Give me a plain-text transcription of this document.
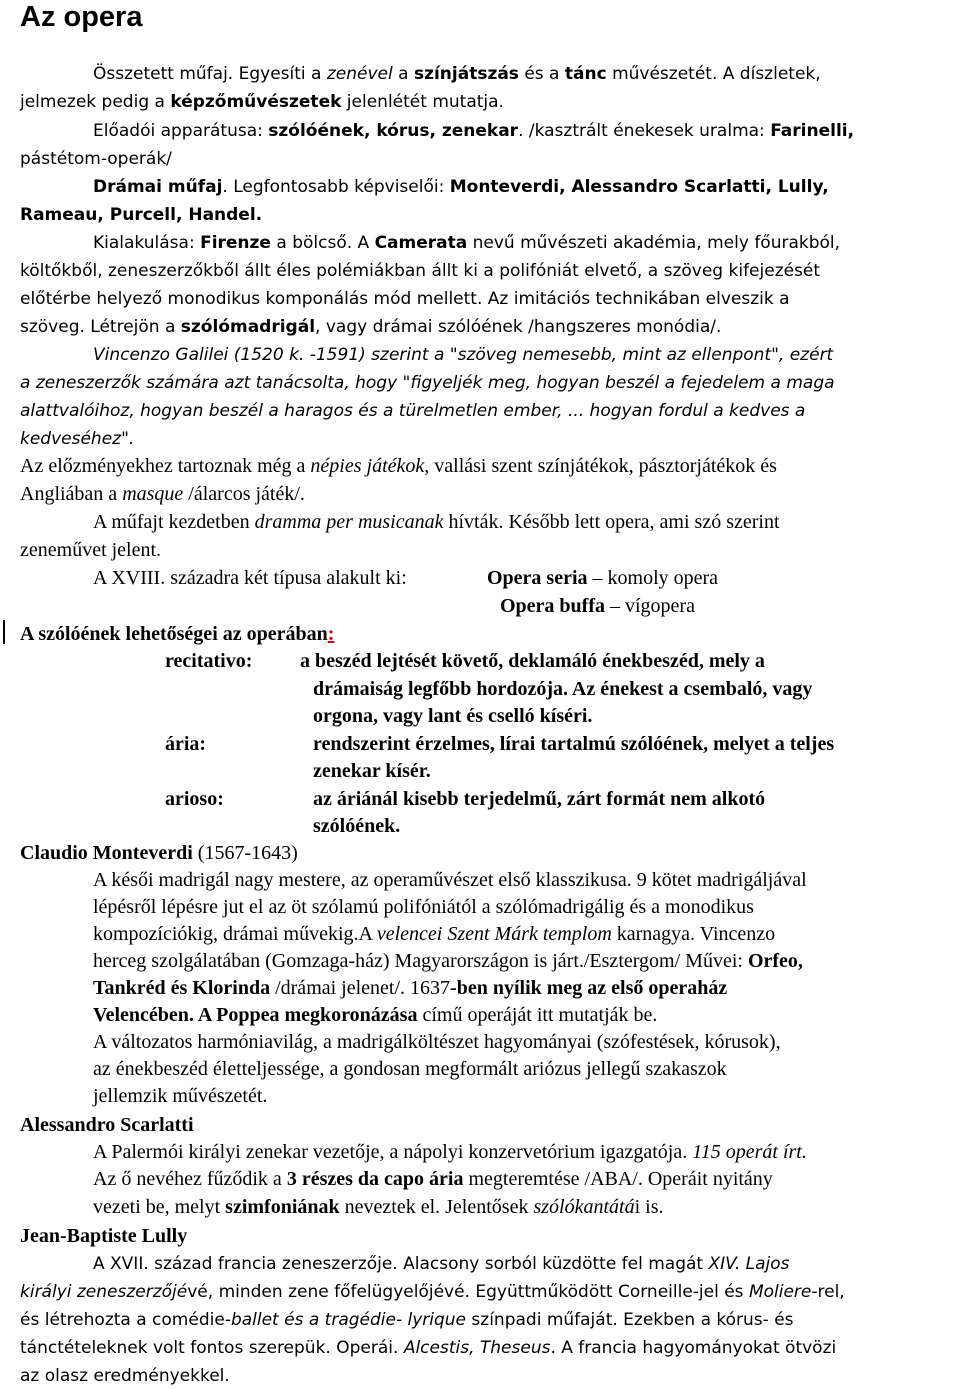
Az opera
Összetett műfaj. Egyesíti a zenével a színjátszás és a tánc művészetét. A díszletek,
jelmezek pedig a képzőművészetek jelenlétét mutatja.
Előadói apparátusa: szólóének, kórus, zenekar. /kasztrált énekesek uralma: Farinelli,
pástétom-operák/
Drámai műfaj. Legfontosabb képviselői: Monteverdi, Alessandro Scarlatti, Lully,
Rameau, Purcell, Handel.
Kialakulása: Firenze a bölcső. A Camerata nevű művészeti akadémia, mely főurakból,
költőkből, zeneszerzőkből állt éles polémiákban állt ki a polifóniát elvető, a szöveg kifejezését
előtérbe helyező monodikus komponálás mód mellett. Az imitációs technikában elveszik a
szöveg. Létrejön a szólómadrigál, vagy drámai szólóének /hangszeres monódia/.
Vincenzo Galilei (1520 k. -1591) szerint a "szöveg nemesebb, mint az ellenpont", ezért
a zeneszerzők számára azt tanácsolta, hogy "figyeljék meg, hogyan beszél a fejedelem a maga
alattvalóihoz, hogyan beszél a haragos és a türelmetlen ember, ... hogyan fordul a kedves a
kedveséhez".
Az előzményekhez tartoznak még a népies játékok, vallási szent színjátékok, pásztorjátékok és
Angliában a masque /álarcos játék/.
A műfajt kezdetben dramma per musicanak hívták. Később lett opera, ami szó szerint
zeneművet jelent.
A XVIII. századra két típusa alakult ki:	Opera seria – komoly opera
Opera buffa – vígopera
A szólóének lehetőségei az operában:
recitativo: a beszéd lejtését követő, deklamáló énekbeszéd, mely a
drámaiság legfőbb hordozója. Az énekest a csembaló, vagy
orgona, vagy lant és cselló kíséri.
ária:	rendszerint érzelmes, lírai tartalmú szólóének, melyet a teljes
zenekar kísér.
arioso:	az áriánál kisebb terjedelmű, zárt formát nem alkotó
szólóének.
Claudio Monteverdi (1567-1643)
A késői madrigál nagy mestere, az operaművészet első klasszikusa. 9 kötet madrigáljával
lépésről lépésre jut el az öt szólamú polifóniától a szólómadrigálig és a monodikus
kompozíciókig, drámai művekig.A velencei Szent Márk templom karnagya. Vincenzo
herceg szolgálatában (Gomzaga-ház) Magyarországon is járt./Esztergom/ Művei: Orfeo,
Tankréd és Klorinda /drámai jelenet/. 1637-ben nyílik meg az első operaház
Velencében. A Poppea megkoronázása című operáját itt mutatják be.
A változatos harmóniavilág, a madrigálköltészet hagyományai (szófestések, kórusok),
az énekbeszéd életteljessége, a gondosan megformált ariózus jellegű szakaszok
jellemzik művészetét.
Alessandro Scarlatti
A Palermói királyi zenekar vezetője, a nápolyi konzervetórium igazgatója. 115 operát írt.
Az ő nevéhez fűződik a 3 részes da capo ária megteremtése /ABA/. Operáit nyitány
vezeti be, melyt szimfoniának neveztek el. Jelentősek szólókantátái is.
Jean-Baptiste Lully
A XVII. század francia zeneszerzője. Alacsony sorból küzdötte fel magát XIV. Lajos
királyi zeneszerzőjévé, minden zene főfelügyelőjévé. Együttműködött Corneille-jel és Moliere-rel,
és létrehozta a comédie-ballet és a tragédie- lyrique színpadi műfaját. Ezekben a kórus- és
tánctételeknek volt fontos szerepük. Operái. Alcestis, Theseus. A francia hagyományokat ötvözi
az olasz eredményekkel.
